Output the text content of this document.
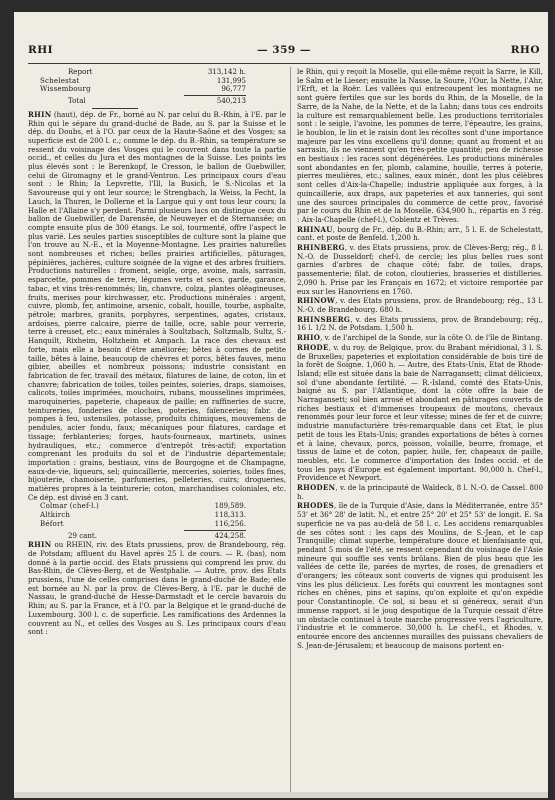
RHI	— 359 —	RHO
Report	313,142 h.
Schelestat	131,995
Wissembourg	96,777
Total	540,213

RHIN (haut), dép. de Fr., borné au N. par celui du B.-Rhin, à l'E. par le Rhin qui le sépare du grand-duché de Bade, au S. par la Suisse et le dép. du Doubs, et à l'O. par ceux de la Haute-Saône et des Vosges; sa superficie est de 200 l. c.; comme le dép. du B.-Rhin, sa température se ressent du voisinage des Vosges qui le couvrent dans toute la partie occid., et celles du Jura et des montagnes de la Suisse. Les points les plus élevés sont : le Berenkopf, le Cresson, le ballon de Guebwiller, celui de Giromagny et le grand-Ventron. Les principaux cours d'eau sont : le Rhin; la Lepvrette, l'Ill, la Busich, le S.-Nicolas et la Savoureuse qui y ont leur source; le Strengbach, la Weiss, la Fecht, la Lauch, la Thuren, le Dollerne et la Largue qui y ont tous leur cours; la Halle et l'Allaine s'y perdent. Parmi plusieurs lacs on distingue ceux du ballon de Guebwiller, de Darensée, de Neuweyer et de Sternansée; on compte ensuite plus de 300 étangs. Le sol, tourmenté, offre l'aspect le plus varié. Les seules parties susceptibles de culture sont la plaine que l'on trouve au N.-E., et la Moyenne-Montagne. Les prairies naturelles sont nombreuses et riches; belles prairies artificielles, pâturages, pépinières, jachères, culture soignée de la vigne et des arbres fruitiers. Productions naturelles : froment, seigle, orge, avoine, maïs, sarrasin, esparcette, pommes de terre, légumes verts et secs, garde, garance, tabac, et vins très-renommés; lin, chanvre, colza, plantes oléagineuses, fruits, merises pour kirchwasser, etc. Productions minérales : argent, cuivre, plomb, fer, antimoine, arsenic, cobalt, houille, tourbe, asphalte, pétrole; marbres, granits, porphyres, serpentines, agates, cristaux, ardoises, pierre calcaire, pierre de taille, ocre, sable pour verrerie, terre à creuset, etc.; eaux minérales à Soultzbach, Soltzmalb, Sultz, S.-Hanquilt, Rixheim, Holtzheim et Ampach. La race des chevaux est forte, mais elle a besoin d'être améliorée; bêtes à cornes de petite taille, bêtes à laine, beaucoup de chèvres et porcs, bêtes fauves, menu gibier, abeilles et nombreux poissons; industrie consistant en fabrication de fer, travail des métaux, filatures de laine, de coton, lin et chanvre; fabrication de toiles, toiles peintes, soieries, draps, siamoises, calicots, toiles imprimées, mouchoirs, rubans, mousselines imprimées, maroquineries, papeterie, chapeaux de paille; en raffineries de sucre, teintureries, fonderies de cloches, poteries, faïenceries; fabr. de pompes à feu, ustensiles, potasse, produits chimiques, mouvemens de pendules, acier fondu, faux; mécaniques pour filatures, cardage et tissage; ferblanteries; forges, hauts-fourneaux, martinets, usines hydrauliques, etc.; commerce d'entrepôt très-actif; exportation comprenant les produits du sol et de l'industrie départementale; importation : grains, bestiaux, vins de Bourgogne et de Champagne, eaux-de-vie, liqueurs, sel; quincaillerie, merceries, soieries, toiles fines, bijouterie, chamoiserie, parfumeries, pelleteries, cuirs; drogueries, matières propres à la teinturerie; coton, marchandises coloniales, etc. Ce dép. est divisé en 3 cant.

Colmar (chef-l.)	189,589.
Altkirch	118,313.
Béfort	116,256.
29 cant.	424,258.

RHIN ou RHEIN, riv. des Etats prussiens, prov. de Brandebourg, rég. de Potsdam; affluent du Havel après 25 l. de cours. — R. (bas), nom donné à la partie occid. des Etats prussiens qui comprend les prov. du Bas-Rhin, de Clèves-Berg, et de Westphalie. — Autre, prov. des Etats prussiens, l'une de celles comprises dans le grand-duché de Bade; elle est bornée au N. par la prov. de Clèves-Berg, à l'E. par le duché de Nassau, le grand-duché de Hesse-Darmstadt et le cercle bavarois du Rhin; au S. par la France, et à l'O. par la Belgique et le grand-duché de Luxembourg. 300 l. c. de superficie. Les ramifications des Ardennes la couvrent au N., et celles des Vosges au S. Les principaux cours d'eau sont :

le Rhin, qui y reçoit la Moselle, qui elle-même reçoit la Sarre, le Kill, le Salm et le Lieser; ensuite la Nasse, la Soure, l'Our, la Nette, l'Ahr, l'Erft, et la Roër. Les vallées qui entrecoupent les montagnes ne sont guère fertiles que sur les bords du Rhin, de la Moselle, de la Sarre, de la Nahe, de la Nette, et de la Lahn; dans tous ces endroits la culture est remarquablement belle. Les productions territoriales sont : le seigle, l'avoine, les pommes de terre, l'épeautre, les grains, le houblon, le lin et le raisin dont les récoltes sont d'une importance majeure par les vins excellens qu'il donne; quant au froment et au sarrasin, ils ne viennent qu'en très-petite quantité; peu de richesse en bestiaux : les races sont dégénérées. Les productions minérales sont abondantes en fer, plomb, calamine, houille, terres à poterie, pierres meulières, etc.; salines, eaux minér., dont les plus célèbres sont celles d'Aix-la-Chapelle; industrie appliquée aux forges, à la quincaillerie, aux draps, aux papeteries et aux tanneries, qui sont une des sources principales du commerce de cette prov., favorisé par le cours du Rhin et de la Moselle. 634,900 h., répartis en 3 rég. : Aix-la-Chapelle (chef-l.), Coblentz et Trèves.

RHINAU, bourg de Fr., dép. du B.-Rhin; arr., 5 l. E. de Schelestatt, cant. et poste de Benfeld. 1,200 h.

RHINBERG, v. des Etats prussiens, prov. de Clèves-Berg; rég., 8 l. N.-O. de Dusseldorf; chef-l. de cercle; les plus belles rues sont garnies d'arbres de chaque côté; fabr. de toiles, draps, passementerie; filat. de coton, cloutieries, brasseries et distilleries. 2,090 h. Prise par les Français en 1672; et victoire remportée par eux sur les Hanovriens en 1760.

RHINOW, v. des Etats prussiens, prov. de Brandebourg; rég., 13 l. N.-O. de Brandebourg. 680 h.

RHINSBERG, v. des Etats prussiens, prov. de Brandebourg; rég., 16 l. 1/2 N. de Potsdam. 1,500 h.

RHIO, v. de l'archipel de la Sonde, sur la côte O. de l'île de Bintang.

RHODE, v. du roy. de Belgique, prov. du Brabant méridional, 3 l. S. de Bruxelles; papeteries et exploitation considérable de bois tiré de la forêt de Soigne. 1,060 h. — Autre, des Etats-Unis, Etat de Rhode-Island; elle est située dans la baie de Narragansett; climat délicieux, sol d'une abondante fertilité. — R.-Island, comté des Etats-Unis, baigné au S. par l'Atlantique, dont la côte offre la baie de Narragansett; sol bien arrosé et abondant en pâturages couverts de riches bestiaux et d'immenses troupeaux de moutons, chevaux renommés pour leur force et leur vitesse; mines de fer et de cuivre; industrie manufacturière très-remarquable dans cet Etat, le plus petit de tous les Etats-Unis; grandes exportations de bêtes à cornes et à laine, chevaux, porcs, poisson, volaille, beurre, fromage, et tissus de laine et de coton, papier, huile, fer, chapeaux de paille, meubles, etc. Le commerce d'importation des Indes occid. et de tous les pays d'Europe est également important. 90,000 h. Chef-l., Providence et Newport.

RHODEN, v. de la principauté de Waldeck, 8 l. N.-O. de Cassel. 800 h.

RHODES, île de la Turquie d'Asie, dans la Méditerranée, entre 35° 53' et 36° 28' de latit. N., et entre 25° 20' et 25° 53' de longit. E. Sa superficie ne va pas au-delà de 58 l. c. Les accidens remarquables de ses côtes sont : les caps des Moulins, de S.-Jean, et le cap Tranquille; climat superbe, température douce et bienfaisante qui, pendant 5 mois de l'été, se ressent cependant du voisinage de l'Asie mineure qui souffle ses vents brûlans. Bien de plus beau que les vallées de cette île, parées de myrtes, de roses, de grenadiers et d'orangers; les côteaux sont couverts de vignes qui produisent les vins les plus délicieux. Les forêts qui couvrent les montagnes sont riches en chênes, pins et sapins, qu'on exploite et qu'on expédie pour Constantinople. Ce sol, si beau et si généreux, serait d'un immense rapport, si le joug despotique de la Turquie cessait d'être un obstacle continuel à toute marche progressive vers l'agriculture, l'industrie et le commerce. 30,000 h. Le chef-l., et Rhodes, v. entourée encore des anciennes murailles des puissans chevaliers de S. Jean-de-Jérusalem; et beaucoup de maisons portent en-
